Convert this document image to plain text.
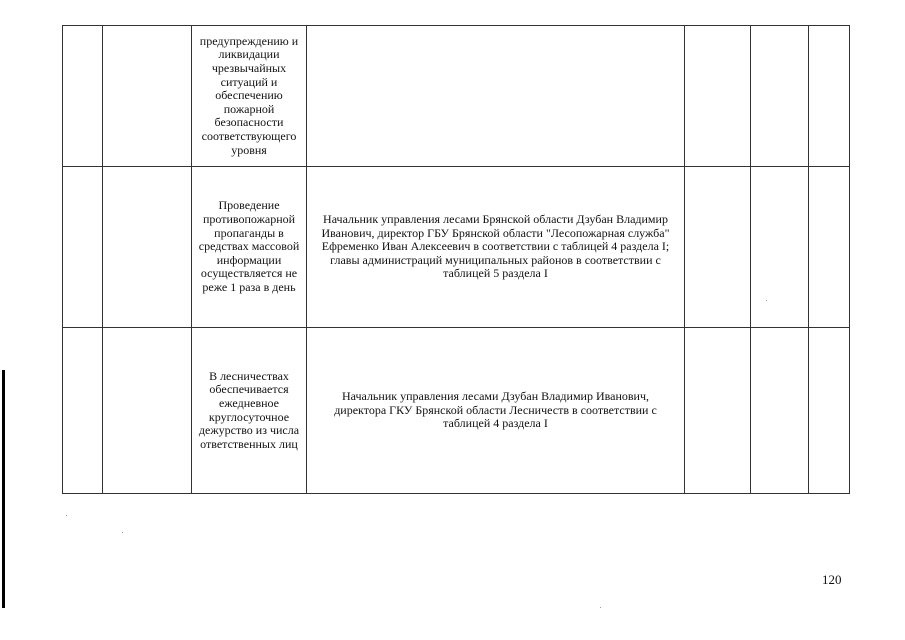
		предупреждению и ликвидации чрезвычайных ситуаций и обеспечению пожарной безопасности соответствующего уровня				

		Проведение противопожарной пропаганды в средствах массовой информации осуществляется не реже 1 раза в день	Начальник управления лесами Брянской области Дзубан Владимир Иванович, директор ГБУ Брянской области "Лесопожарная служба" Ефременко Иван Алексеевич в соответствии с таблицей 4 раздела I; главы администраций муниципальных районов в соответствии с таблицей 5 раздела I			

		В лесничествах обеспечивается ежедневное круглосуточное дежурство из числа ответственных лиц	Начальник управления лесами Дзубан Владимир Иванович, директора ГКУ Брянской области Лесничеств в соответствии с таблицей 4 раздела I			

120
